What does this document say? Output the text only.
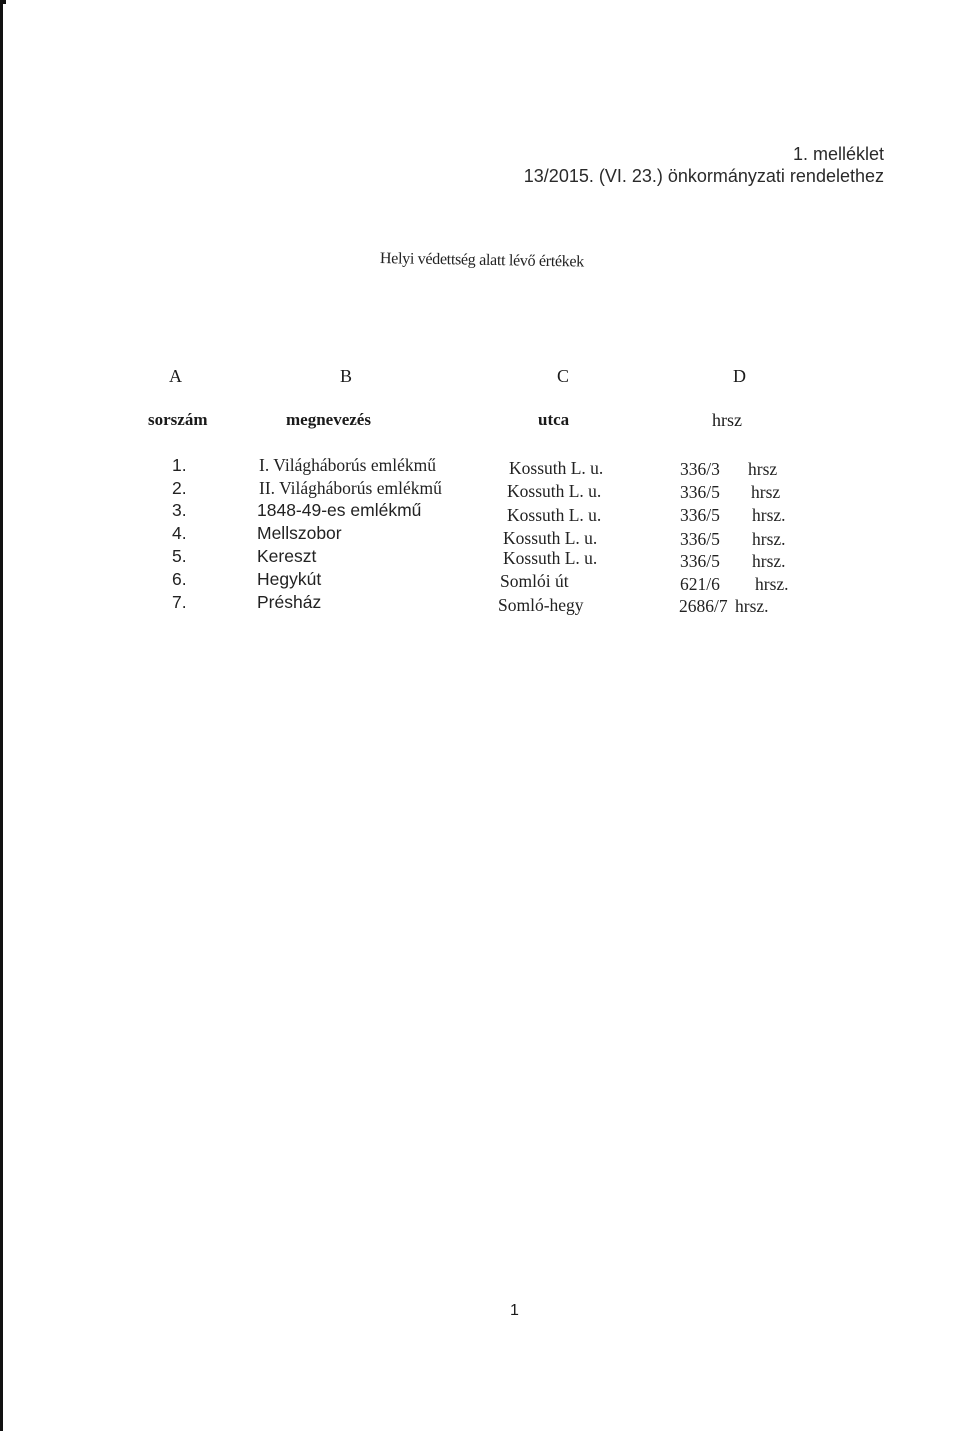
1. melléklet
13/2015. (VI. 23.) önkormányzati rendelethez
Helyi védettség alatt lévő értékek
A	B	C	D
sorszám	megnevezés	utca	hrsz
1.	I. Világháborús emlékmű	Kossuth L. u.	336/3 hrsz
2.	II. Világháborús emlékmű	Kossuth L. u.	336/5 hrsz
3.	1848-49-es emlékmű	Kossuth L. u.	336/5 hrsz.
4.	Mellszobor	Kossuth L. u.	336/5 hrsz.
5.	Kereszt	Kossuth L. u.	336/5 hrsz.
6.	Hegykút	Somlói út	621/6 hrsz.
7.	Présház	Somló-hegy	2686/7 hrsz.
1
